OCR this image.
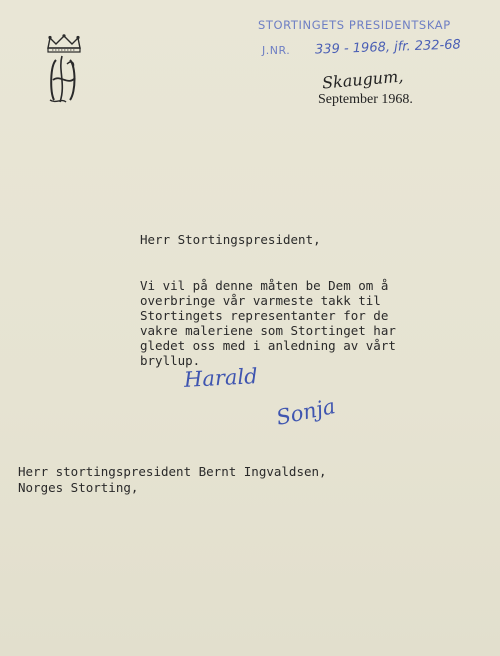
STORTINGETS PRESIDENTSKAP
J.NR. 339 - 1968, jfr. 232-68
Skaugum,
September 1968.
Herr Stortingspresident,
Vi vil på denne måten be Dem om å
overbringe vår varmeste takk til
Stortingets representanter for de
vakre maleriene som Stortinget har
gledet oss med i anledning av vårt
bryllup.
Harald
Sonja
Herr stortingspresident Bernt Ingvaldsen,
Norges Storting,
